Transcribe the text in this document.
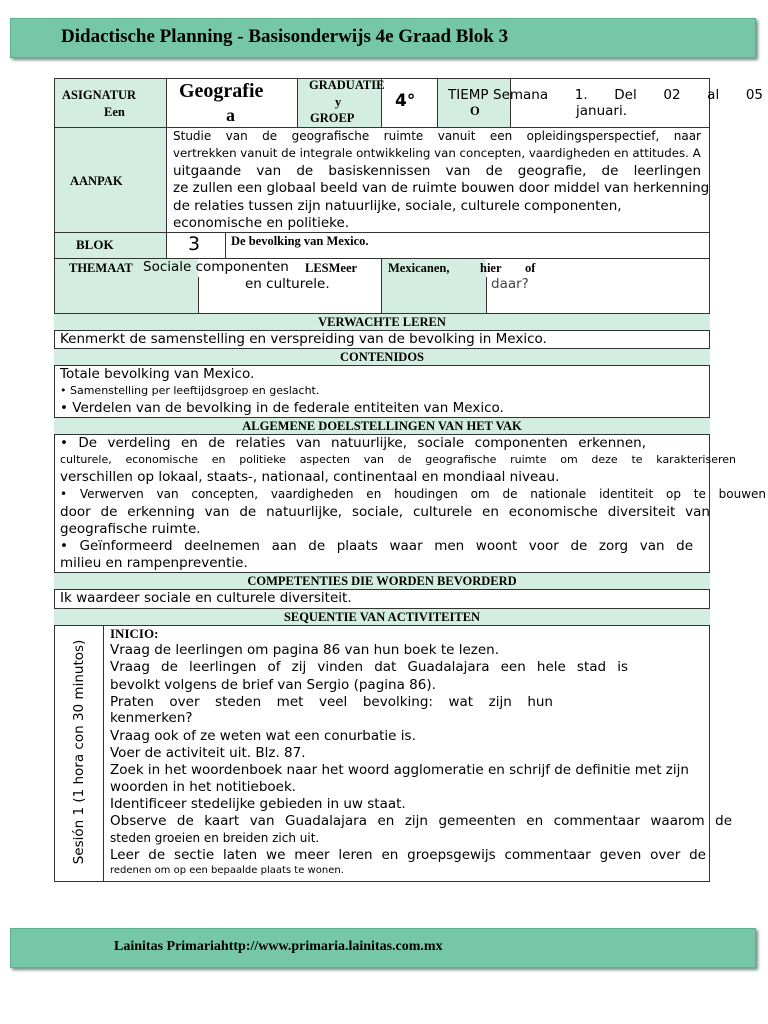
Didactische Planning - Basisonderwijs 4e Graad Blok 3
ASIGNATUR
Een
Geografie
a
GRADUATIE
y
GROEP
4° TIEMP
O
Semana 1. Del 02 al 05
januari.
AANPAK
Studie van de geografische ruimte vanuit een opleidingsperspectief, naar
vertrekken vanuit de integrale ontwikkeling van concepten, vaardigheden en attitudes. A
uitgaande van de basiskennissen van de geografie, de leerlingen
ze zullen een globaal beeld van de ruimte bouwen door middel van herkenning
de relaties tussen zijn natuurlijke, sociale, culturele componenten,
economische en politieke.
BLOK	3 De bevolking van Mexico.
THEMAAT Sociale componenten
en culturele.
LESMeer Mexicanen, hier of
daar?
VERWACHTE LEREN
Kenmerkt de samenstelling en verspreiding van de bevolking in Mexico.
CONTENIDOS
Totale bevolking van Mexico.
• Samenstelling per leeftijdsgroep en geslacht.
• Verdelen van de bevolking in de federale entiteiten van Mexico.
ALGEMENE DOELSTELLINGEN VAN HET VAK
• De verdeling en de relaties van natuurlijke, sociale componenten erkennen,
culturele, economische en politieke aspecten van de geografische ruimte om deze te karakteriseren
verschillen op lokaal, staats-, nationaal, continentaal en mondiaal niveau.
• Verwerven van concepten, vaardigheden en houdingen om de nationale identiteit op te bouwen
door de erkenning van de natuurlijke, sociale, culturele en economische diversiteit van
geografische ruimte.
• Geïnformeerd deelnemen aan de plaats waar men woont voor de zorg van de
milieu en rampenpreventie.
COMPETENTIES DIE WORDEN BEVORDERD
Ik waardeer sociale en culturele diversiteit.
SEQUENTIE VAN ACTIVITEITEN
Sesión 1 (1 hora con 30 minutos)
INICIO:
Vraag de leerlingen om pagina 86 van hun boek te lezen.
Vraag de leerlingen of zij vinden dat Guadalajara een hele stad is
bevolkt volgens de brief van Sergio (pagina 86).
Praten over steden met veel bevolking: wat zijn hun
kenmerken?
Vraag ook of ze weten wat een conurbatie is.
Voer de activiteit uit. Blz. 87.
Zoek in het woordenboek naar het woord agglomeratie en schrijf de definitie met zijn
woorden in het notitieboek.
Identificeer stedelijke gebieden in uw staat.
Observe de kaart van Guadalajara en zijn gemeenten en commentaar waarom de
steden groeien en breiden zich uit.
Leer de sectie laten we meer leren en groepsgewijs commentaar geven over de
redenen om op een bepaalde plaats te wonen.
Lainitas Primariahttp://www.primaria.lainitas.com.mx
